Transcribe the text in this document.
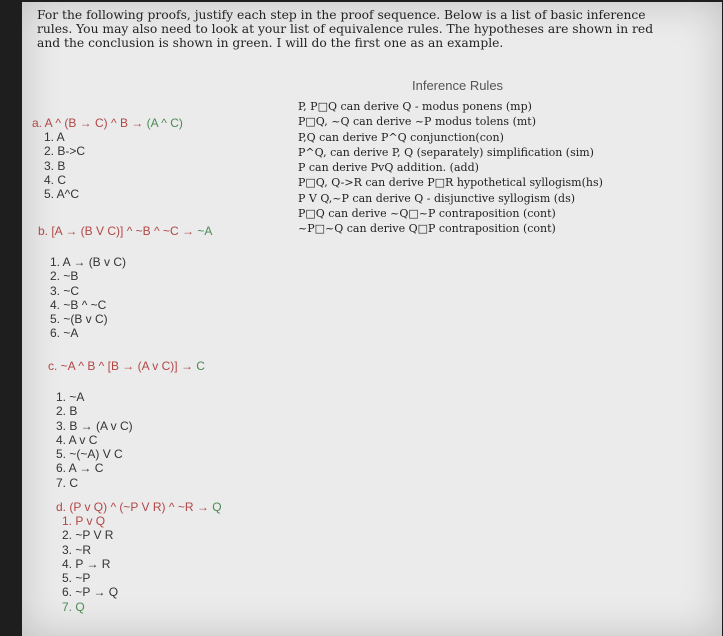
For the following proofs, justify each step in the proof sequence. Below is a list of basic inference rules. You may also need to look at your list of equivalence rules. The hypotheses are shown in red and the conclusion is shown in green. I will do the first one as an example.
Inference Rules
P, P□Q can derive Q - modus ponens (mp)
P□Q, ~Q can derive ~P modus tolens (mt)
P,Q can derive P^Q conjunction(con)
P^Q, can derive P, Q (separately) simplification (sim)
P can derive PvQ addition. (add)
P□Q, Q->R can derive P□R hypothetical syllogism(hs)
P V Q,~P can derive Q - disjunctive syllogism (ds)
P□Q can derive ~Q□~P contraposition (cont)
~P□~Q can derive Q□P contraposition (cont)
a. A ^ (B → C) ^ B → (A ^ C)
1. A
2. B->C
3. B
4. C
5. A^C
b. [A → (B V C)] ^ ~B ^ ~C → ~A
1. A → (B v C)
2. ~B
3. ~C
4. ~B ^ ~C
5. ~(B v C)
6. ~A
c. ~A ^ B ^ [B → (A v C)] → C
1. ~A
2. B
3. B → (A v C)
4. A v C
5. ~(~A) V C
6. A → C
7. C
d. (P v Q) ^ (~P V R) ^ ~R → Q
1. P v Q
2. ~P V R
3. ~R
4. P → R
5. ~P
6. ~P → Q
7. Q
